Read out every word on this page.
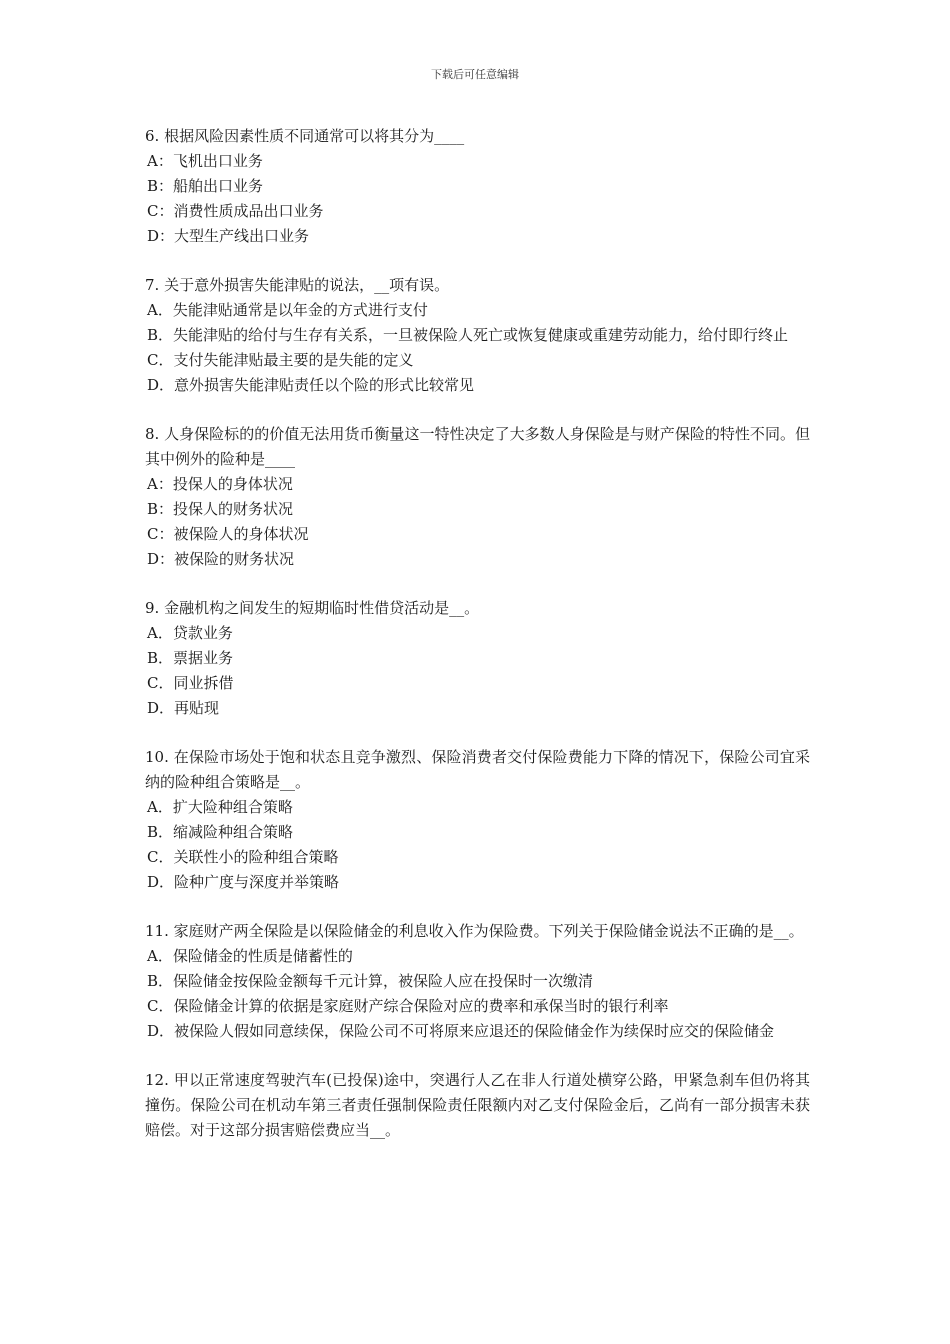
下载后可任意编辑

6. 根据风险因素性质不同通常可以将其分为____

A：飞机出口业务

B：船舶出口业务

C：消费性质成品出口业务

D：大型生产线出口业务

7. 关于意外损害失能津贴的说法，__项有误。

A．失能津贴通常是以年金的方式进行支付

B．失能津贴的给付与生存有关系，一旦被保险人死亡或恢复健康或重建劳动能力，给付即行终止

C．支付失能津贴最主要的是失能的定义

D．意外损害失能津贴责任以个险的形式比较常见

8. 人身保险标的的价值无法用货币衡量这一特性决定了大多数人身保险是与财产保险的特性不同。但其中例外的险种是____

A：投保人的身体状况

B：投保人的财务状况

C：被保险人的身体状况

D：被保险的财务状况

9. 金融机构之间发生的短期临时性借贷活动是__。

A．贷款业务

B．票据业务

C．同业拆借

D．再贴现

10. 在保险市场处于饱和状态且竞争激烈、保险消费者交付保险费能力下降的情况下，保险公司宜采纳的险种组合策略是__。

A．扩大险种组合策略

B．缩减险种组合策略

C．关联性小的险种组合策略

D．险种广度与深度并举策略

11. 家庭财产两全保险是以保险储金的利息收入作为保险费。下列关于保险储金说法不正确的是__。

A．保险储金的性质是储蓄性的

B．保险储金按保险金额每千元计算，被保险人应在投保时一次缴清

C．保险储金计算的依据是家庭财产综合保险对应的费率和承保当时的银行利率

D．被保险人假如同意续保，保险公司不可将原来应退还的保险储金作为续保时应交的保险储金

12. 甲以正常速度驾驶汽车(已投保)途中，突遇行人乙在非人行道处横穿公路，甲紧急刹车但仍将其撞伤。保险公司在机动车第三者责任强制保险责任限额内对乙支付保险金后，乙尚有一部分损害未获赔偿。对于这部分损害赔偿费应当__。
